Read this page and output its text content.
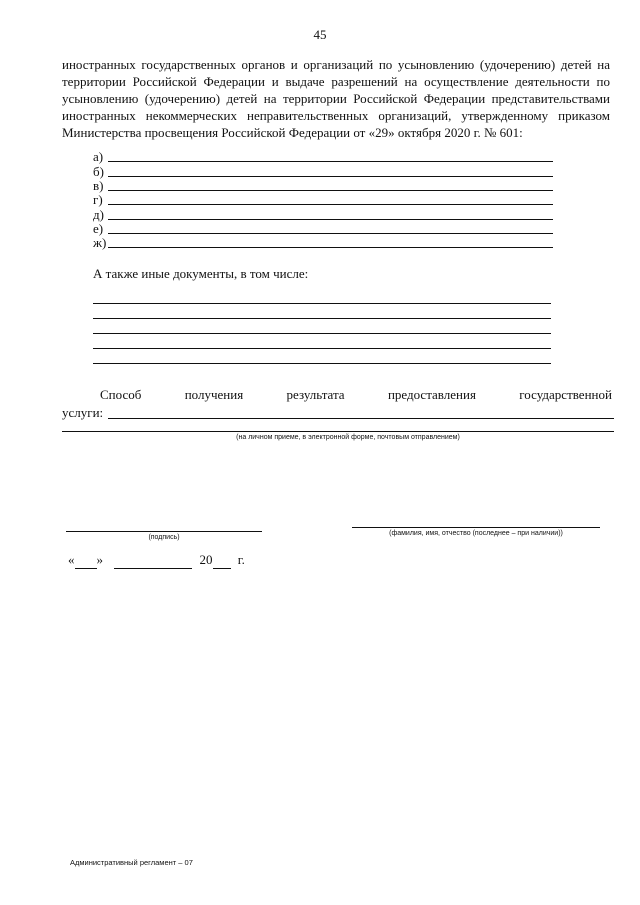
45

иностранных государственных органов и организаций по усыновлению (удочерению) детей на территории Российской Федерации и выдаче разрешений на осуществление деятельности по усыновлению (удочерению) детей на территории Российской Федерации представительствами иностранных некоммерческих неправительственных организаций, утвержденному приказом Министерства просвещения Российской Федерации от «29» октября 2020 г. № 601:

а)
б)
в)
г)
д)
е)
ж)
А также иные документы, в том числе:
Способ	получения	результата	предоставления	государственной
услуги:
(на личном приеме, в электронной форме, почтовым отправлением)
(подпись)
(фамилия, имя, отчество (последнее – при наличии))
« »	20 г.
Административный регламент – 07
